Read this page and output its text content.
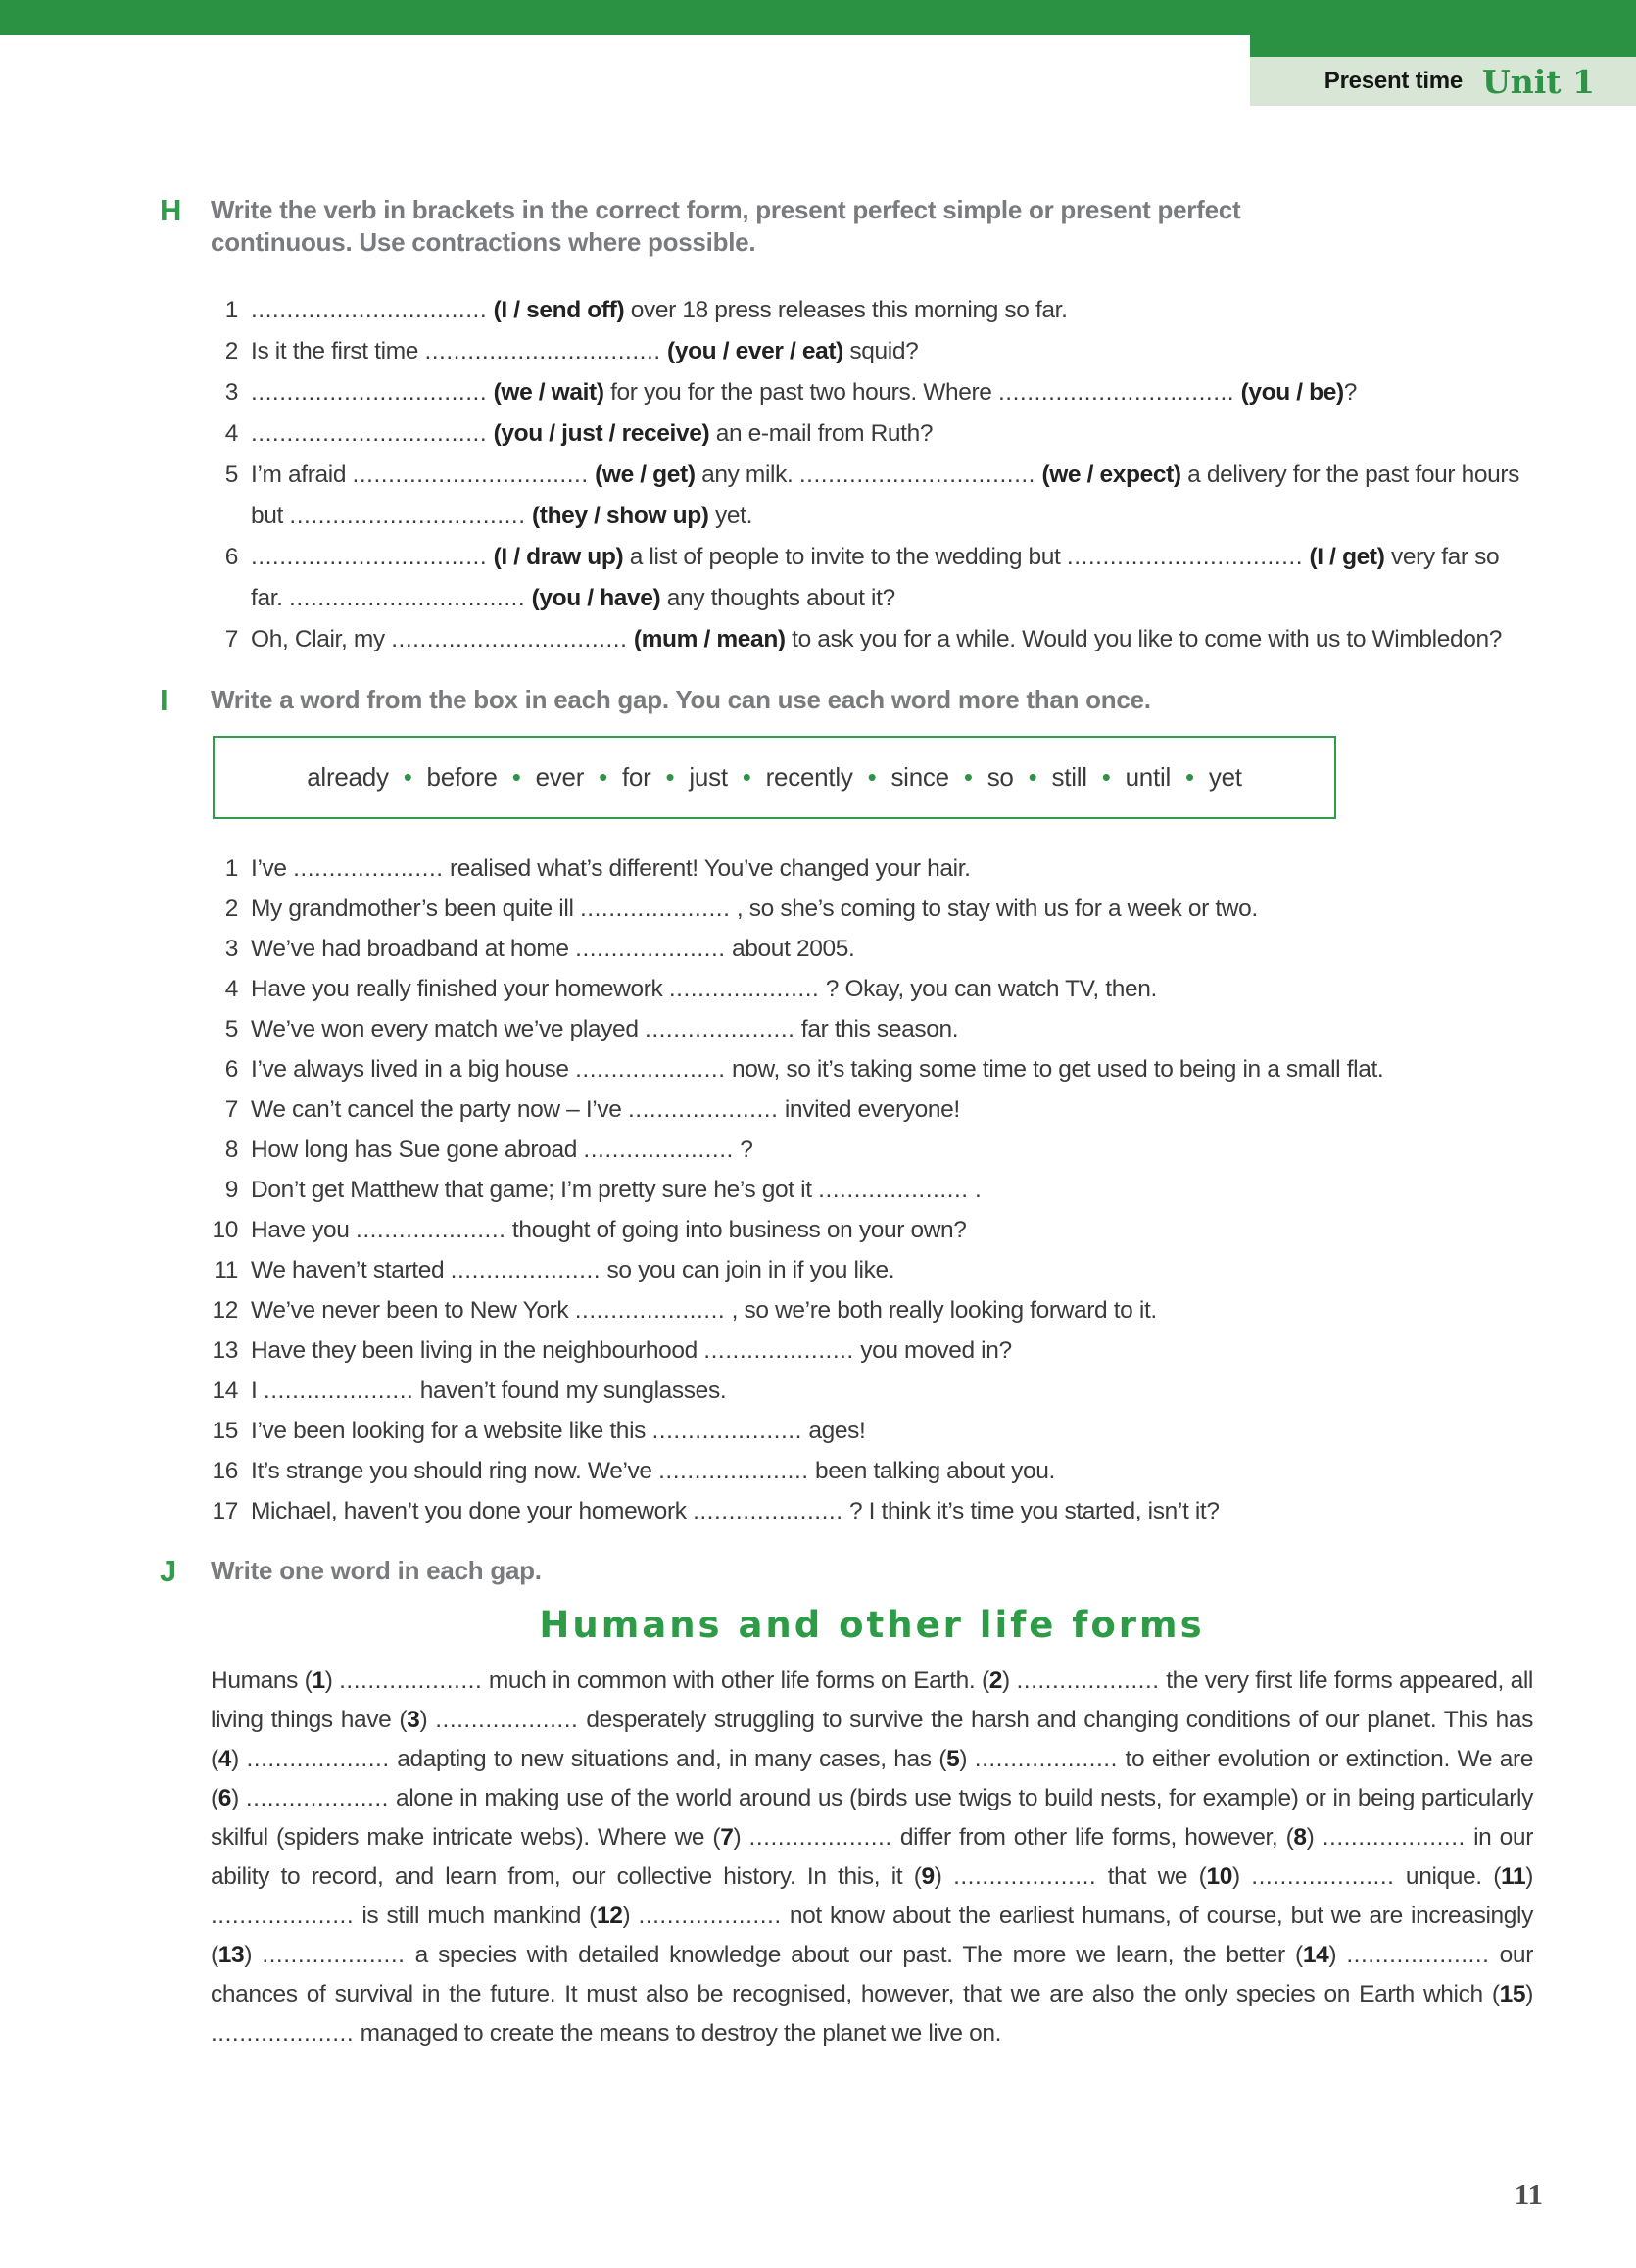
Present time Unit 1
H	Write the verb in brackets in the correct form, present perfect simple or present perfect continuous. Use contractions where possible.
1 ................................. (I / send off) over 18 press releases this morning so far.
2 Is it the first time ................................. (you / ever / eat) squid?
3 ................................. (we / wait) for you for the past two hours. Where ................................. (you / be)?
4 ................................. (you / just / receive) an e-mail from Ruth?
5 I’m afraid ................................. (we / get) any milk. ................................. (we / expect) a delivery for the past four hours but ................................. (they / show up) yet.
6 ................................. (I / draw up) a list of people to invite to the wedding but ................................. (I / get) very far so far. ................................. (you / have) any thoughts about it?
7 Oh, Clair, my ................................. (mum / mean) to ask you for a while. Would you like to come with us to Wimbledon?
I	Write a word from the box in each gap. You can use each word more than once.
already • before • ever • for • just • recently • since • so • still • until • yet
1 I’ve ..................... realised what’s different! You’ve changed your hair.
2 My grandmother’s been quite ill ..................... , so she’s coming to stay with us for a week or two.
3 We’ve had broadband at home ..................... about 2005.
4 Have you really finished your homework ..................... ? Okay, you can watch TV, then.
5 We’ve won every match we’ve played ..................... far this season.
6 I’ve always lived in a big house ..................... now, so it’s taking some time to get used to being in a small flat.
7 We can’t cancel the party now – I’ve ..................... invited everyone!
8 How long has Sue gone abroad ..................... ?
9 Don’t get Matthew that game; I’m pretty sure he’s got it ..................... .
10 Have you ..................... thought of going into business on your own?
11 We haven’t started ..................... so you can join in if you like.
12 We’ve never been to New York ..................... , so we’re both really looking forward to it.
13 Have they been living in the neighbourhood ..................... you moved in?
14 I ..................... haven’t found my sunglasses.
15 I’ve been looking for a website like this ..................... ages!
16 It’s strange you should ring now. We’ve ..................... been talking about you.
17 Michael, haven’t you done your homework ..................... ? I think it’s time you started, isn’t it?
J	Write one word in each gap.
Humans and other life forms
Humans (1) .................... much in common with other life forms on Earth. (2) .................... the very first life forms appeared, all living things have (3) .................... desperately struggling to survive the harsh and changing conditions of our planet. This has (4) .................... adapting to new situations and, in many cases, has (5) .................... to either evolution or extinction. We are (6) .................... alone in making use of the world around us (birds use twigs to build nests, for example) or in being particularly skilful (spiders make intricate webs). Where we (7) .................... differ from other life forms, however, (8) .................... in our ability to record, and learn from, our collective history. In this, it (9) .................... that we (10) .................... unique. (11) .................... is still much mankind (12) .................... not know about the earliest humans, of course, but we are increasingly (13) .................... a species with detailed knowledge about our past. The more we learn, the better (14) .................... our chances of survival in the future. It must also be recognised, however, that we are also the only species on Earth which (15) .................... managed to create the means to destroy the planet we live on.
11
